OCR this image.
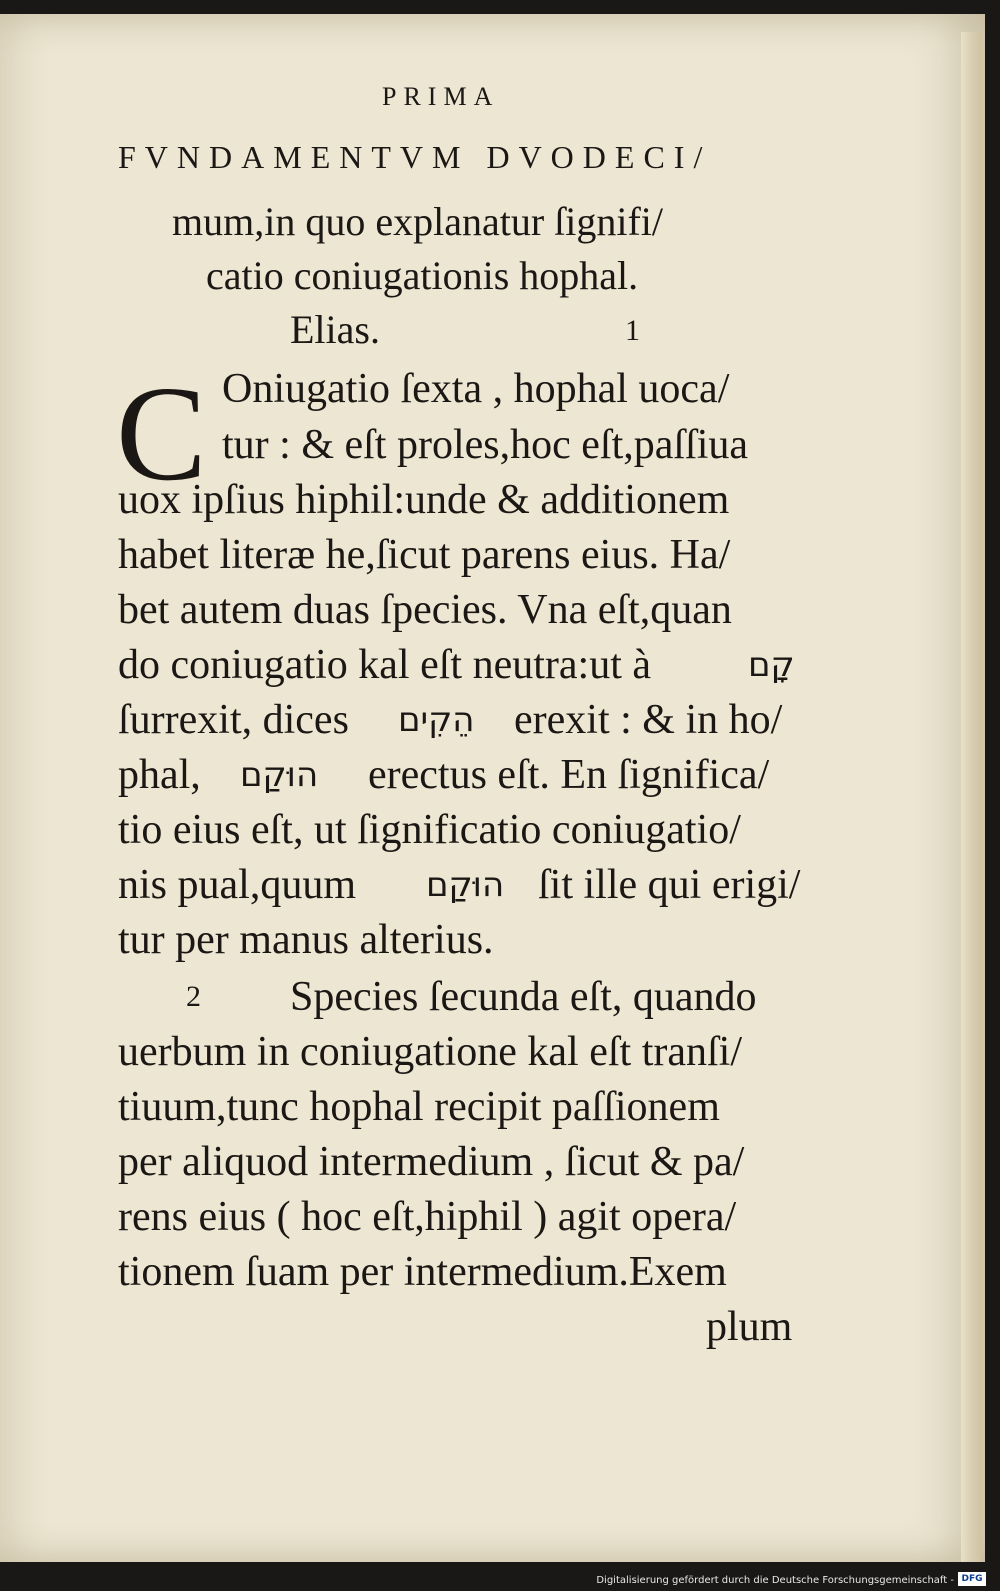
PRIMA
FVNDAMENTVM DVODECI/
mum,in quo explanatur ſignifi/
catio coniugationis hophal.
Elias.	1
C Oniugatio ſexta , hophal uoca/
tur : & eſt proles,hoc eſt,paſſiua
uox ipſius hiphil:unde & additionem
habet literæ he,ſicut parens eius. Ha/
bet autem duas ſpecies. Vna eſt,quan
do coniugatio kal eſt neutra:ut à	קָם
ſurrexit, dices הֵקִים erexit : & in ho/
phal, הוּקַם erectus eſt. En ſignifica/
tio eius eſt, ut ſignificatio coniugatio/
nis pual,quum הוּקַם ſit ille qui erigi/
tur per manus alterius.
2 Species ſecunda eſt, quando
uerbum in coniugatione kal eſt tranſi/
tiuum,tunc hophal recipit paſſionem
per aliquod intermedium , ſicut & pa/
rens eius ( hoc eſt,hiphil ) agit opera/
tionem ſuam per intermedium.Exem
plum
Digitalisierung gefördert durch die Deutsche Forschungsgemeinschaft - DFG
